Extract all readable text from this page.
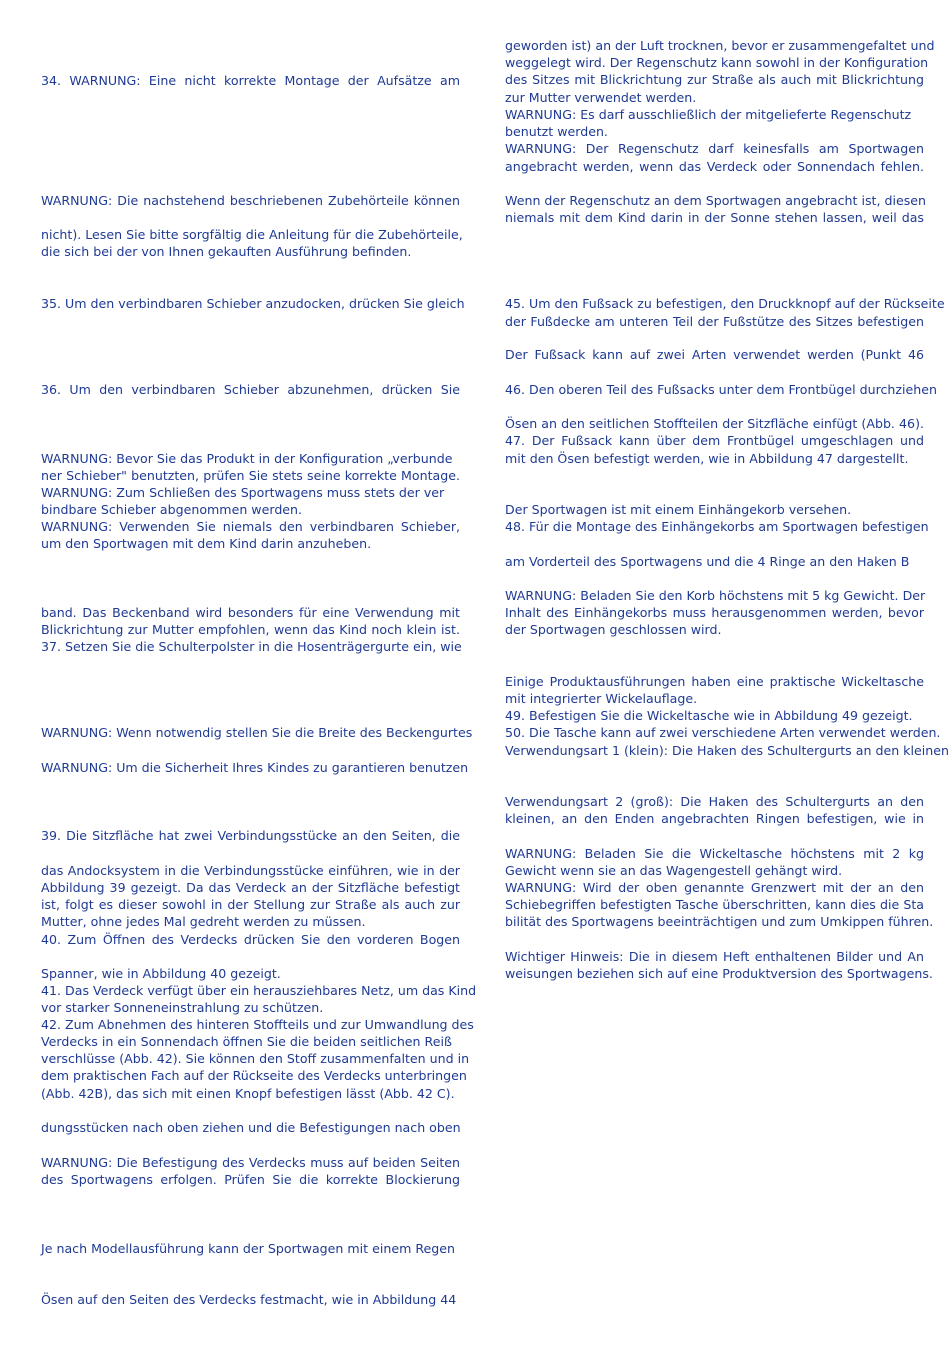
34. WARNUNG: Eine nicht korrekte Montage der Aufsätze am
WARNUNG: Die nachstehend beschriebenen Zubehörteile können
nicht). Lesen Sie bitte sorgfältig die Anleitung für die Zubehörteile,
die sich bei der von Ihnen gekauften Ausführung befinden.
35. Um den verbindbaren Schieber anzudocken, drücken Sie gleich
36. Um den verbindbaren Schieber abzunehmen, drücken Sie
WARNUNG: Bevor Sie das Produkt in der Konfiguration „verbunde
ner Schieber" benutzten, prüfen Sie stets seine korrekte Montage.
WARNUNG: Zum Schließen des Sportwagens muss stets der ver
bindbare Schieber abgenommen werden.
WARNUNG: Verwenden Sie niemals den verbindbaren Schieber,
um den Sportwagen mit dem Kind darin anzuheben.
band. Das Beckenband wird besonders für eine Verwendung mit
Blickrichtung zur Mutter empfohlen, wenn das Kind noch klein ist.
37. Setzen Sie die Schulterpolster in die Hosenträgergurte ein, wie
WARNUNG: Wenn notwendig stellen Sie die Breite des Beckengurtes
WARNUNG: Um die Sicherheit Ihres Kindes zu garantieren benutzen
39. Die Sitzfläche hat zwei Verbindungsstücke an den Seiten, die
das Andocksystem in die Verbindungsstücke einführen, wie in der
Abbildung 39 gezeigt. Da das Verdeck an der Sitzfläche befestigt
ist, folgt es dieser sowohl in der Stellung zur Straße als auch zur
Mutter, ohne jedes Mal gedreht werden zu müssen.
40. Zum Öffnen des Verdecks drücken Sie den vorderen Bogen
Spanner, wie in Abbildung 40 gezeigt.
41. Das Verdeck verfügt über ein herausziehbares Netz, um das Kind
vor starker Sonneneinstrahlung zu schützen.
42. Zum Abnehmen des hinteren Stoffteils und zur Umwandlung des
Verdecks in ein Sonnendach öffnen Sie die beiden seitlichen Reiß
verschlüsse (Abb. 42). Sie können den Stoff zusammenfalten und in
dem praktischen Fach auf der Rückseite des Verdecks unterbringen
(Abb. 42B), das sich mit einen Knopf befestigen lässt (Abb. 42 C).
dungsstücken nach oben ziehen und die Befestigungen nach oben
WARNUNG: Die Befestigung des Verdecks muss auf beiden Seiten
des Sportwagens erfolgen. Prüfen Sie die korrekte Blockierung
Je nach Modellausführung kann der Sportwagen mit einem Regen
Ösen auf den Seiten des Verdecks festmacht, wie in Abbildung 44
geworden ist) an der Luft trocknen, bevor er zusammengefaltet und
weggelegt wird. Der Regenschutz kann sowohl in der Konfiguration
des Sitzes mit Blickrichtung zur Straße als auch mit Blickrichtung
zur Mutter verwendet werden.
WARNUNG: Es darf ausschließlich der mitgelieferte Regenschutz
benutzt werden.
WARNUNG: Der Regenschutz darf keinesfalls am Sportwagen
angebracht werden, wenn das Verdeck oder Sonnendach fehlen.
Wenn der Regenschutz an dem Sportwagen angebracht ist, diesen
niemals mit dem Kind darin in der Sonne stehen lassen, weil das
45. Um den Fußsack zu befestigen, den Druckknopf auf der Rückseite
der Fußdecke am unteren Teil der Fußstütze des Sitzes befestigen
Der Fußsack kann auf zwei Arten verwendet werden (Punkt 46
46. Den oberen Teil des Fußsacks unter dem Frontbügel durchziehen
Ösen an den seitlichen Stoffteilen der Sitzfläche einfügt (Abb. 46).
47. Der Fußsack kann über dem Frontbügel umgeschlagen und
mit den Ösen befestigt werden, wie in Abbildung 47 dargestellt.
Der Sportwagen ist mit einem Einhängekorb versehen.
48. Für die Montage des Einhängekorbs am Sportwagen befestigen
am Vorderteil des Sportwagens und die 4 Ringe an den Haken B
WARNUNG: Beladen Sie den Korb höchstens mit 5 kg Gewicht. Der
Inhalt des Einhängekorbs muss herausgenommen werden, bevor
der Sportwagen geschlossen wird.
Einige Produktausführungen haben eine praktische Wickeltasche
mit integrierter Wickelauflage.
49. Befestigen Sie die Wickeltasche wie in Abbildung 49 gezeigt.
50. Die Tasche kann auf zwei verschiedene Arten verwendet werden.
Verwendungsart 1 (klein): Die Haken des Schultergurts an den kleinen
Verwendungsart 2 (groß): Die Haken des Schultergurts an den
kleinen, an den Enden angebrachten Ringen befestigen, wie in
WARNUNG: Beladen Sie die Wickeltasche höchstens mit 2 kg
Gewicht wenn sie an das Wagengestell gehängt wird.
WARNUNG: Wird der oben genannte Grenzwert mit der an den
Schiebegriffen befestigten Tasche überschritten, kann dies die Sta
bilität des Sportwagens beeinträchtigen und zum Umkippen führen.
Wichtiger Hinweis: Die in diesem Heft enthaltenen Bilder und An
weisungen beziehen sich auf eine Produktversion des Sportwagens.
